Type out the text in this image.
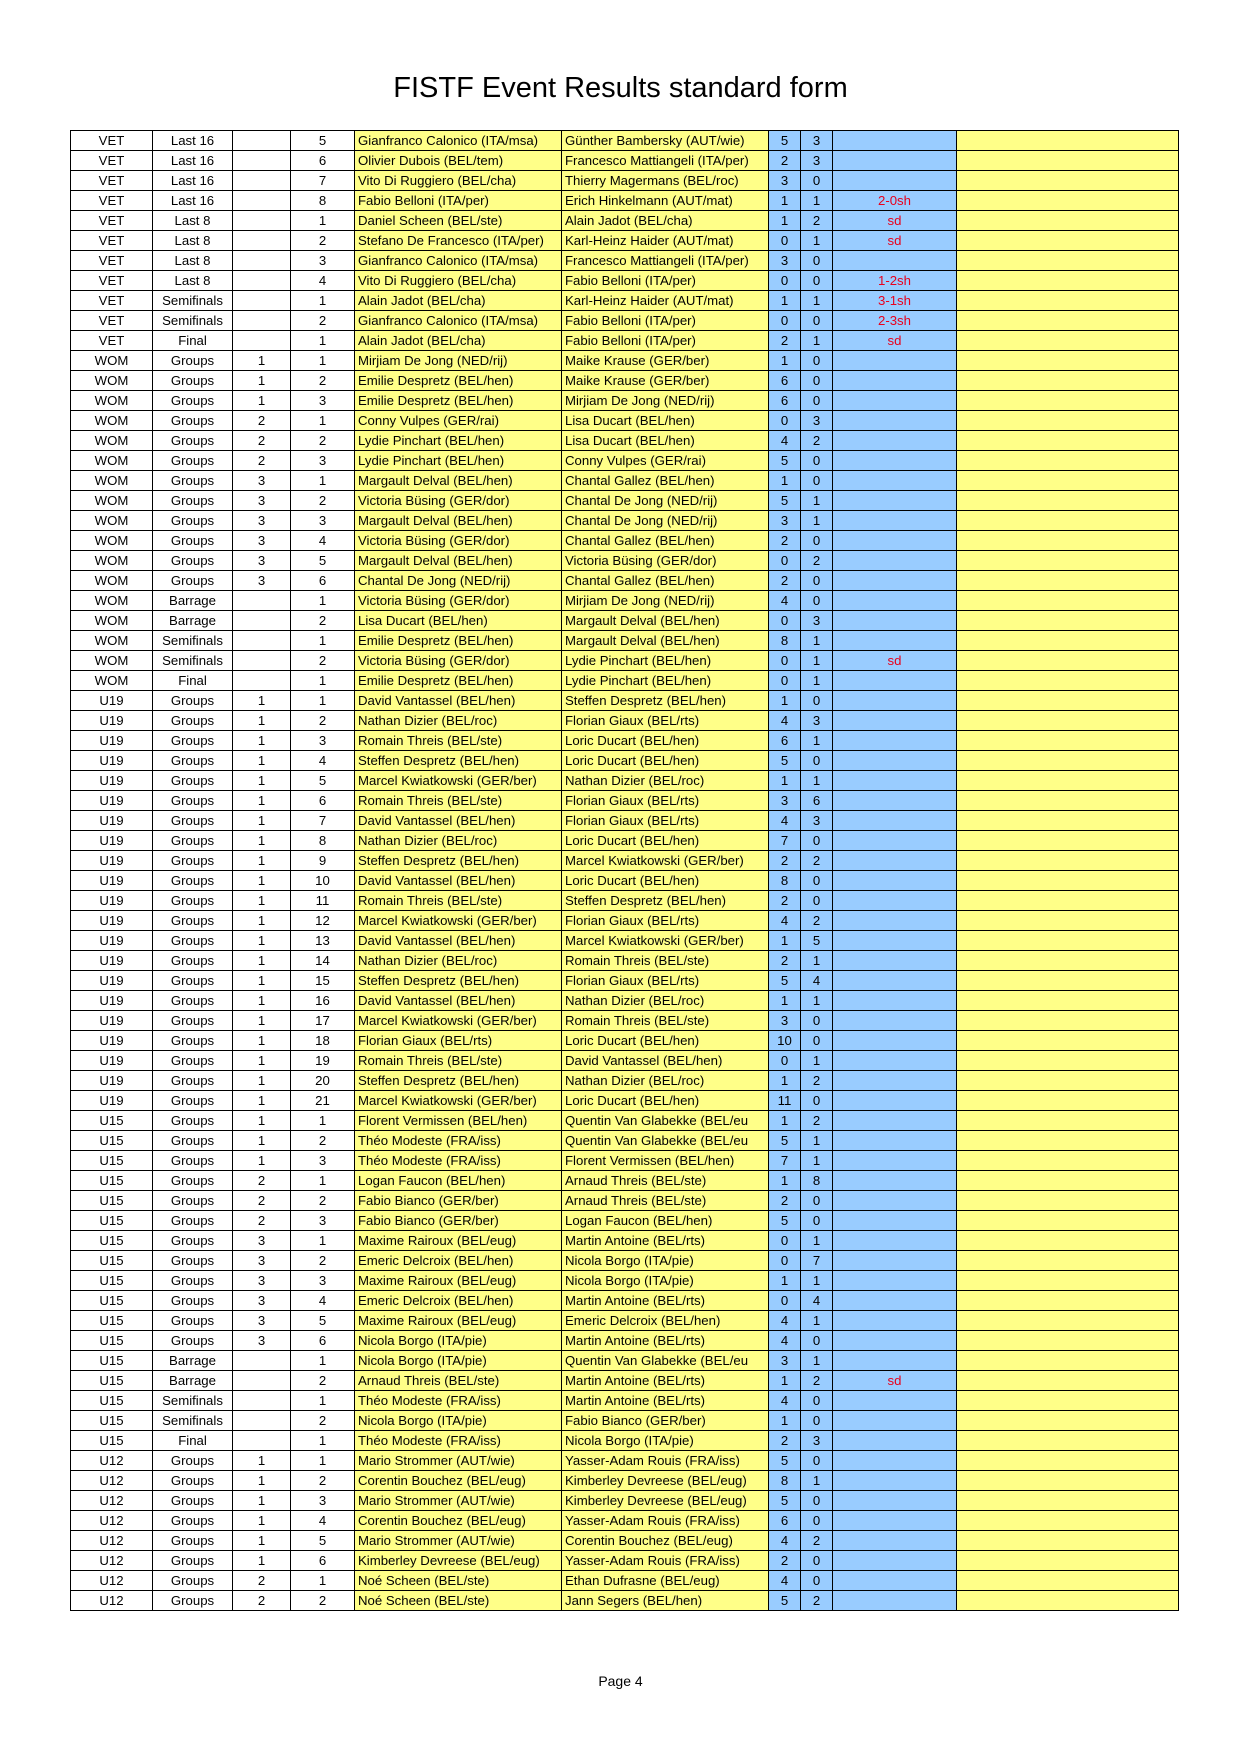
FISTF Event Results standard form
VET	Last 16		5	Gianfranco Calonico (ITA/msa)	Günther Bambersky (AUT/wie)	5	3		
VET	Last 16		6	Olivier Dubois (BEL/tem)	Francesco Mattiangeli (ITA/per)	2	3		
VET	Last 16		7	Vito Di Ruggiero (BEL/cha)	Thierry Magermans (BEL/roc)	3	0		
VET	Last 16		8	Fabio Belloni (ITA/per)	Erich Hinkelmann (AUT/mat)	1	1	2-0sh	
VET	Last 8		1	Daniel Scheen (BEL/ste)	Alain Jadot (BEL/cha)	1	2	sd	
VET	Last 8		2	Stefano De Francesco (ITA/per)	Karl-Heinz Haider (AUT/mat)	0	1	sd	
VET	Last 8		3	Gianfranco Calonico (ITA/msa)	Francesco Mattiangeli (ITA/per)	3	0		
VET	Last 8		4	Vito Di Ruggiero (BEL/cha)	Fabio Belloni (ITA/per)	0	0	1-2sh	
VET	Semifinals		1	Alain Jadot (BEL/cha)	Karl-Heinz Haider (AUT/mat)	1	1	3-1sh	
VET	Semifinals		2	Gianfranco Calonico (ITA/msa)	Fabio Belloni (ITA/per)	0	0	2-3sh	
VET	Final		1	Alain Jadot (BEL/cha)	Fabio Belloni (ITA/per)	2	1	sd	
WOM	Groups	1	1	Mirjiam De Jong (NED/rij)	Maike Krause (GER/ber)	1	0		
WOM	Groups	1	2	Emilie Despretz (BEL/hen)	Maike Krause (GER/ber)	6	0		
WOM	Groups	1	3	Emilie Despretz (BEL/hen)	Mirjiam De Jong (NED/rij)	6	0		
WOM	Groups	2	1	Conny Vulpes (GER/rai)	Lisa Ducart (BEL/hen)	0	3		
WOM	Groups	2	2	Lydie Pinchart (BEL/hen)	Lisa Ducart (BEL/hen)	4	2		
WOM	Groups	2	3	Lydie Pinchart (BEL/hen)	Conny Vulpes (GER/rai)	5	0		
WOM	Groups	3	1	Margault Delval (BEL/hen)	Chantal Gallez (BEL/hen)	1	0		
WOM	Groups	3	2	Victoria Büsing (GER/dor)	Chantal De Jong (NED/rij)	5	1		
WOM	Groups	3	3	Margault Delval (BEL/hen)	Chantal De Jong (NED/rij)	3	1		
WOM	Groups	3	4	Victoria Büsing (GER/dor)	Chantal Gallez (BEL/hen)	2	0		
WOM	Groups	3	5	Margault Delval (BEL/hen)	Victoria Büsing (GER/dor)	0	2		
WOM	Groups	3	6	Chantal De Jong (NED/rij)	Chantal Gallez (BEL/hen)	2	0		
WOM	Barrage		1	Victoria Büsing (GER/dor)	Mirjiam De Jong (NED/rij)	4	0		
WOM	Barrage		2	Lisa Ducart (BEL/hen)	Margault Delval (BEL/hen)	0	3		
WOM	Semifinals		1	Emilie Despretz (BEL/hen)	Margault Delval (BEL/hen)	8	1		
WOM	Semifinals		2	Victoria Büsing (GER/dor)	Lydie Pinchart (BEL/hen)	0	1	sd	
WOM	Final		1	Emilie Despretz (BEL/hen)	Lydie Pinchart (BEL/hen)	0	1		
U19	Groups	1	1	David Vantassel (BEL/hen)	Steffen Despretz (BEL/hen)	1	0		
U19	Groups	1	2	Nathan Dizier (BEL/roc)	Florian Giaux (BEL/rts)	4	3		
U19	Groups	1	3	Romain Threis (BEL/ste)	Loric Ducart (BEL/hen)	6	1		
U19	Groups	1	4	Steffen Despretz (BEL/hen)	Loric Ducart (BEL/hen)	5	0		
U19	Groups	1	5	Marcel Kwiatkowski (GER/ber)	Nathan Dizier (BEL/roc)	1	1		
U19	Groups	1	6	Romain Threis (BEL/ste)	Florian Giaux (BEL/rts)	3	6		
U19	Groups	1	7	David Vantassel (BEL/hen)	Florian Giaux (BEL/rts)	4	3		
U19	Groups	1	8	Nathan Dizier (BEL/roc)	Loric Ducart (BEL/hen)	7	0		
U19	Groups	1	9	Steffen Despretz (BEL/hen)	Marcel Kwiatkowski (GER/ber)	2	2		
U19	Groups	1	10	David Vantassel (BEL/hen)	Loric Ducart (BEL/hen)	8	0		
U19	Groups	1	11	Romain Threis (BEL/ste)	Steffen Despretz (BEL/hen)	2	0		
U19	Groups	1	12	Marcel Kwiatkowski (GER/ber)	Florian Giaux (BEL/rts)	4	2		
U19	Groups	1	13	David Vantassel (BEL/hen)	Marcel Kwiatkowski (GER/ber)	1	5		
U19	Groups	1	14	Nathan Dizier (BEL/roc)	Romain Threis (BEL/ste)	2	1		
U19	Groups	1	15	Steffen Despretz (BEL/hen)	Florian Giaux (BEL/rts)	5	4		
U19	Groups	1	16	David Vantassel (BEL/hen)	Nathan Dizier (BEL/roc)	1	1		
U19	Groups	1	17	Marcel Kwiatkowski (GER/ber)	Romain Threis (BEL/ste)	3	0		
U19	Groups	1	18	Florian Giaux (BEL/rts)	Loric Ducart (BEL/hen)	10	0		
U19	Groups	1	19	Romain Threis (BEL/ste)	David Vantassel (BEL/hen)	0	1		
U19	Groups	1	20	Steffen Despretz (BEL/hen)	Nathan Dizier (BEL/roc)	1	2		
U19	Groups	1	21	Marcel Kwiatkowski (GER/ber)	Loric Ducart (BEL/hen)	11	0		
U15	Groups	1	1	Florent Vermissen (BEL/hen)	Quentin Van Glabekke (BEL/eu	1	2		
U15	Groups	1	2	Théo Modeste (FRA/iss)	Quentin Van Glabekke (BEL/eu	5	1		
U15	Groups	1	3	Théo Modeste (FRA/iss)	Florent Vermissen (BEL/hen)	7	1		
U15	Groups	2	1	Logan Faucon (BEL/hen)	Arnaud Threis (BEL/ste)	1	8		
U15	Groups	2	2	Fabio Bianco (GER/ber)	Arnaud Threis (BEL/ste)	2	0		
U15	Groups	2	3	Fabio Bianco (GER/ber)	Logan Faucon (BEL/hen)	5	0		
U15	Groups	3	1	Maxime Rairoux (BEL/eug)	Martin Antoine (BEL/rts)	0	1		
U15	Groups	3	2	Emeric Delcroix (BEL/hen)	Nicola Borgo (ITA/pie)	0	7		
U15	Groups	3	3	Maxime Rairoux (BEL/eug)	Nicola Borgo (ITA/pie)	1	1		
U15	Groups	3	4	Emeric Delcroix (BEL/hen)	Martin Antoine (BEL/rts)	0	4		
U15	Groups	3	5	Maxime Rairoux (BEL/eug)	Emeric Delcroix (BEL/hen)	4	1		
U15	Groups	3	6	Nicola Borgo (ITA/pie)	Martin Antoine (BEL/rts)	4	0		
U15	Barrage		1	Nicola Borgo (ITA/pie)	Quentin Van Glabekke (BEL/eu	3	1		
U15	Barrage		2	Arnaud Threis (BEL/ste)	Martin Antoine (BEL/rts)	1	2	sd	
U15	Semifinals		1	Théo Modeste (FRA/iss)	Martin Antoine (BEL/rts)	4	0		
U15	Semifinals		2	Nicola Borgo (ITA/pie)	Fabio Bianco (GER/ber)	1	0		
U15	Final		1	Théo Modeste (FRA/iss)	Nicola Borgo (ITA/pie)	2	3		
U12	Groups	1	1	Mario Strommer (AUT/wie)	Yasser-Adam Rouis (FRA/iss)	5	0		
U12	Groups	1	2	Corentin Bouchez (BEL/eug)	Kimberley Devreese (BEL/eug)	8	1		
U12	Groups	1	3	Mario Strommer (AUT/wie)	Kimberley Devreese (BEL/eug)	5	0		
U12	Groups	1	4	Corentin Bouchez (BEL/eug)	Yasser-Adam Rouis (FRA/iss)	6	0		
U12	Groups	1	5	Mario Strommer (AUT/wie)	Corentin Bouchez (BEL/eug)	4	2		
U12	Groups	1	6	Kimberley Devreese (BEL/eug)	Yasser-Adam Rouis (FRA/iss)	2	0		
U12	Groups	2	1	Noé Scheen (BEL/ste)	Ethan Dufrasne (BEL/eug)	4	0		
U12	Groups	2	2	Noé Scheen (BEL/ste)	Jann Segers (BEL/hen)	5	2		
Page 4
